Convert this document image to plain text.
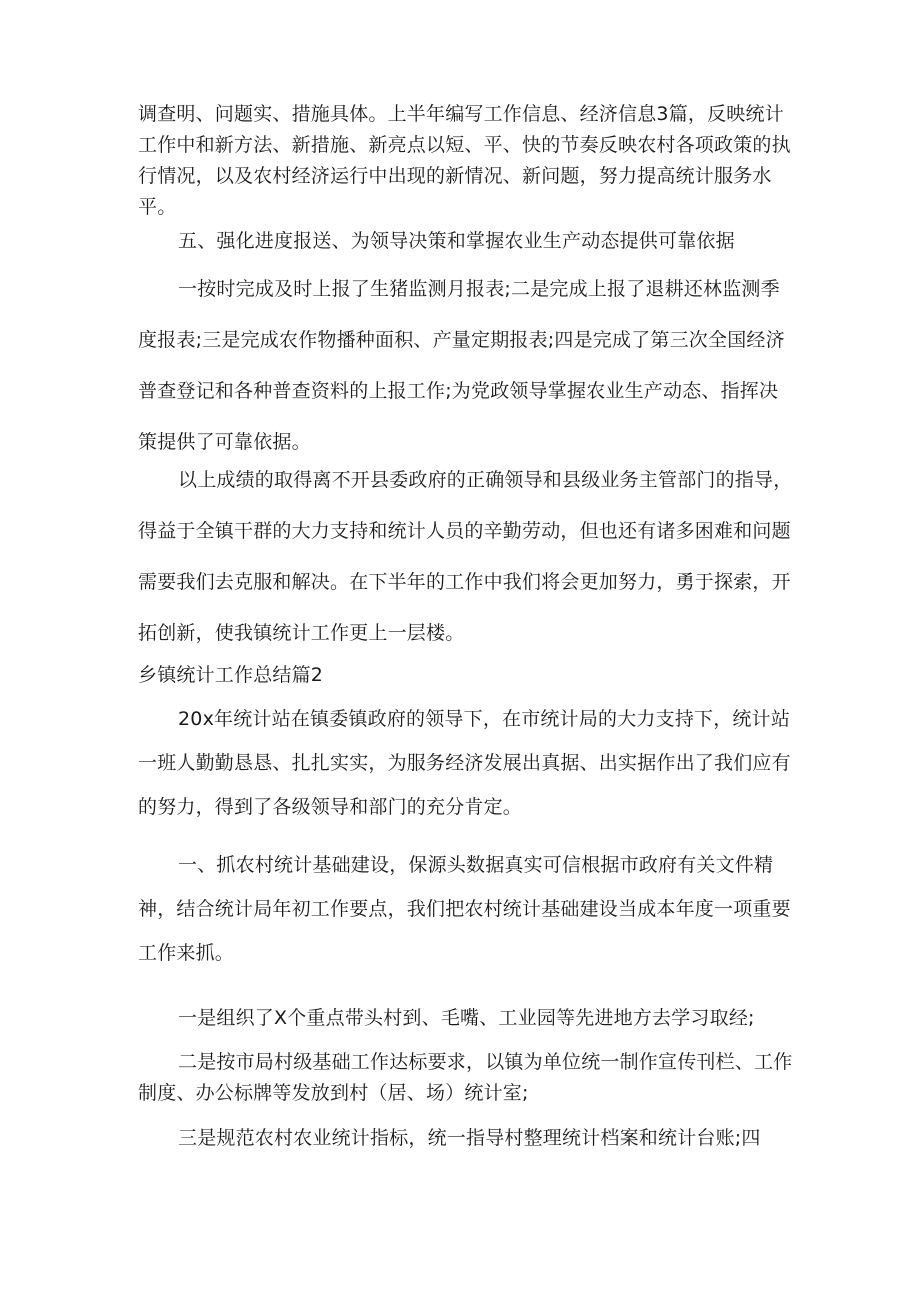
调查明、问题实、措施具体。上半年编写工作信息、经济信息3篇，反映统计工作中和新方法、新措施、新亮点以短、平、快的节奏反映农村各项政策的执行情况，以及农村经济运行中出现的新情况、新问题，努力提高统计服务水平。

五、强化进度报送、为领导决策和掌握农业生产动态提供可靠依据

一按时完成及时上报了生猪监测月报表;二是完成上报了退耕还林监测季度报表;三是完成农作物播种面积、产量定期报表;四是完成了第三次全国经济普查登记和各种普查资料的上报工作;为党政领导掌握农业生产动态、指挥决策提供了可靠依据。

以上成绩的取得离不开县委政府的正确领导和县级业务主管部门的指导，得益于全镇干群的大力支持和统计人员的辛勤劳动，但也还有诸多困难和问题需要我们去克服和解决。在下半年的工作中我们将会更加努力，勇于探索，开拓创新，使我镇统计工作更上一层楼。

乡镇统计工作总结篇2

20x年统计站在镇委镇政府的领导下，在市统计局的大力支持下，统计站一班人勤勤恳恳、扎扎实实，为服务经济发展出真据、出实据作出了我们应有的努力，得到了各级领导和部门的充分肯定。

一、抓农村统计基础建设，保源头数据真实可信根据市政府有关文件精神，结合统计局年初工作要点，我们把农村统计基础建设当成本年度一项重要工作来抓。

一是组织了X个重点带头村到、毛嘴、工业园等先进地方去学习取经;

二是按市局村级基础工作达标要求，以镇为单位统一制作宣传刊栏、工作制度、办公标牌等发放到村（居、场）统计室;

三是规范农村农业统计指标，统一指导村整理统计档案和统计台账;四
